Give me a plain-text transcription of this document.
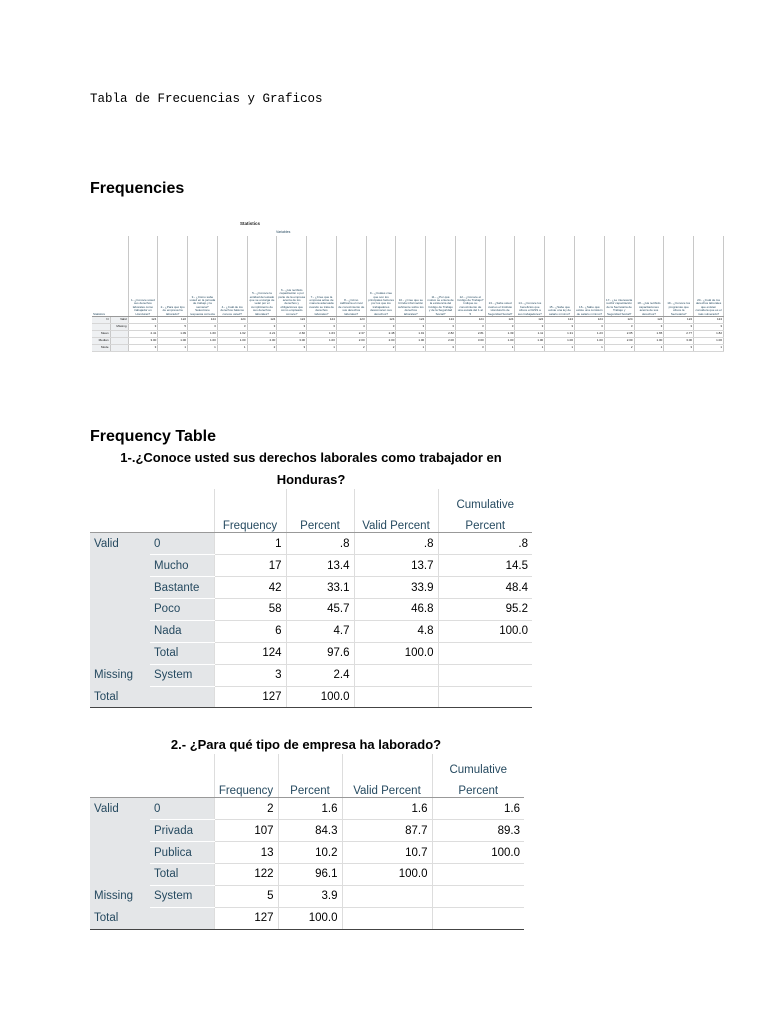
Tabla de Frecuencias y Graficos
Frequencies
Statistics
Variables
Statistics		1- ¿Conoce usted sus derechos laborales como trabajador en Honduras?	2.- ¿Para qué tipo de empresa ha laborado?	3.- ¿Cómo sabe usted en la jornada de trabajo y la semana? Seleccione respuesta correcta	4.- ¿Cuál de los derechos básicos conoce usted?	5.- ¿Conoce la entidad del estado que se encarga de velar por el cumplimiento de sus derechos laborales?	6.- ¿Ha recibido capacitación o por parte de la empresa acerca de los derechos y obligaciones que como empleado conoce?	7.- ¿Cree que la empresa actúe de manera adecuada cuando se trata de derechos laborales?	8.- ¿Cómo calificaría el nivel de conocimiento de sus derechos laborales?	9.- ¿Cuáles cree que son los principales factores por los que los trabajadores desconocen sus derechos?	10.- ¿Cree que se brinda información suficiente sobre los derechos laborales?	11.- ¿Por qué motivo se entera de la existencia del Código de Trabajo y de la Seguridad Social?	12.- ¿Conoce el Código de Trabajo? Indique su conocimiento de una escala del 1 al 5	13.- ¿Sabe usted cuál es el Instituto Hondureño de Seguridad Social?	14.- ¿Conoce los beneficios que ofrece el IHSS a sus trabajadores?	15.- ¿Sabe que existe una ley de salario mínimo?	16.- ¿Sabe qué existe una comisión de salario mínimo?	17.- ¿Le interesaría recibir capacitación de la Secretaría de Trabajo y Seguridad Social?	18.- ¿Ha recibido capacitaciones acerca de sus derechos?	19.- ¿Conoce los programas que ofrece la Secretaría?	20.- ¿Cuál de los derechos laborales que existen considera que es el más vulnerado?
N	Valid	124	122	124	124	124	124	124	123	124	124	124	124	124	124	124	124	124	124	124	124
	Missing	3	5	3	3	3	3	3	4	3	3	3	3	3	3	3	3	3	3	3	3
Mean		2.41	1.09	1.60	1.62	2.21	2.60	1.63	2.37	2.48	1.91	2.82	2.81	1.39	1.11	1.31	1.23	2.05	1.65	2.77	1.82
Median		3.00	1.00	1.00	1.00	2.00	3.00	1.00	2.00	2.00	1.00	2.00	3.00	1.00	1.00	1.00	1.00	2.00	1.00	3.00	1.00
Mode		3	1	1	1	2	3	1	2	2	1	3	3	1	1	1	1	2	1	3	1
Frequency Table
1-.¿Conoce usted sus derechos laborales como trabajador en
Honduras?
					Cumulative
		Frequency	Percent	Valid Percent	Percent
Valid	0	1	.8	.8	.8
	Mucho	17	13.4	13.7	14.5
	Bastante	42	33.1	33.9	48.4
	Poco	58	45.7	46.8	95.2
	Nada	6	4.7	4.8	100.0
	Total	124	97.6	100.0	
Missing	System	3	2.4		
Total		127	100.0		
2.- ¿Para qué tipo de empresa ha laborado?
					Cumulative
		Frequency	Percent	Valid Percent	Percent
Valid	0	2	1.6	1.6	1.6
	Privada	107	84.3	87.7	89.3
	Publica	13	10.2	10.7	100.0
	Total	122	96.1	100.0	
Missing	System	5	3.9		
Total		127	100.0		
